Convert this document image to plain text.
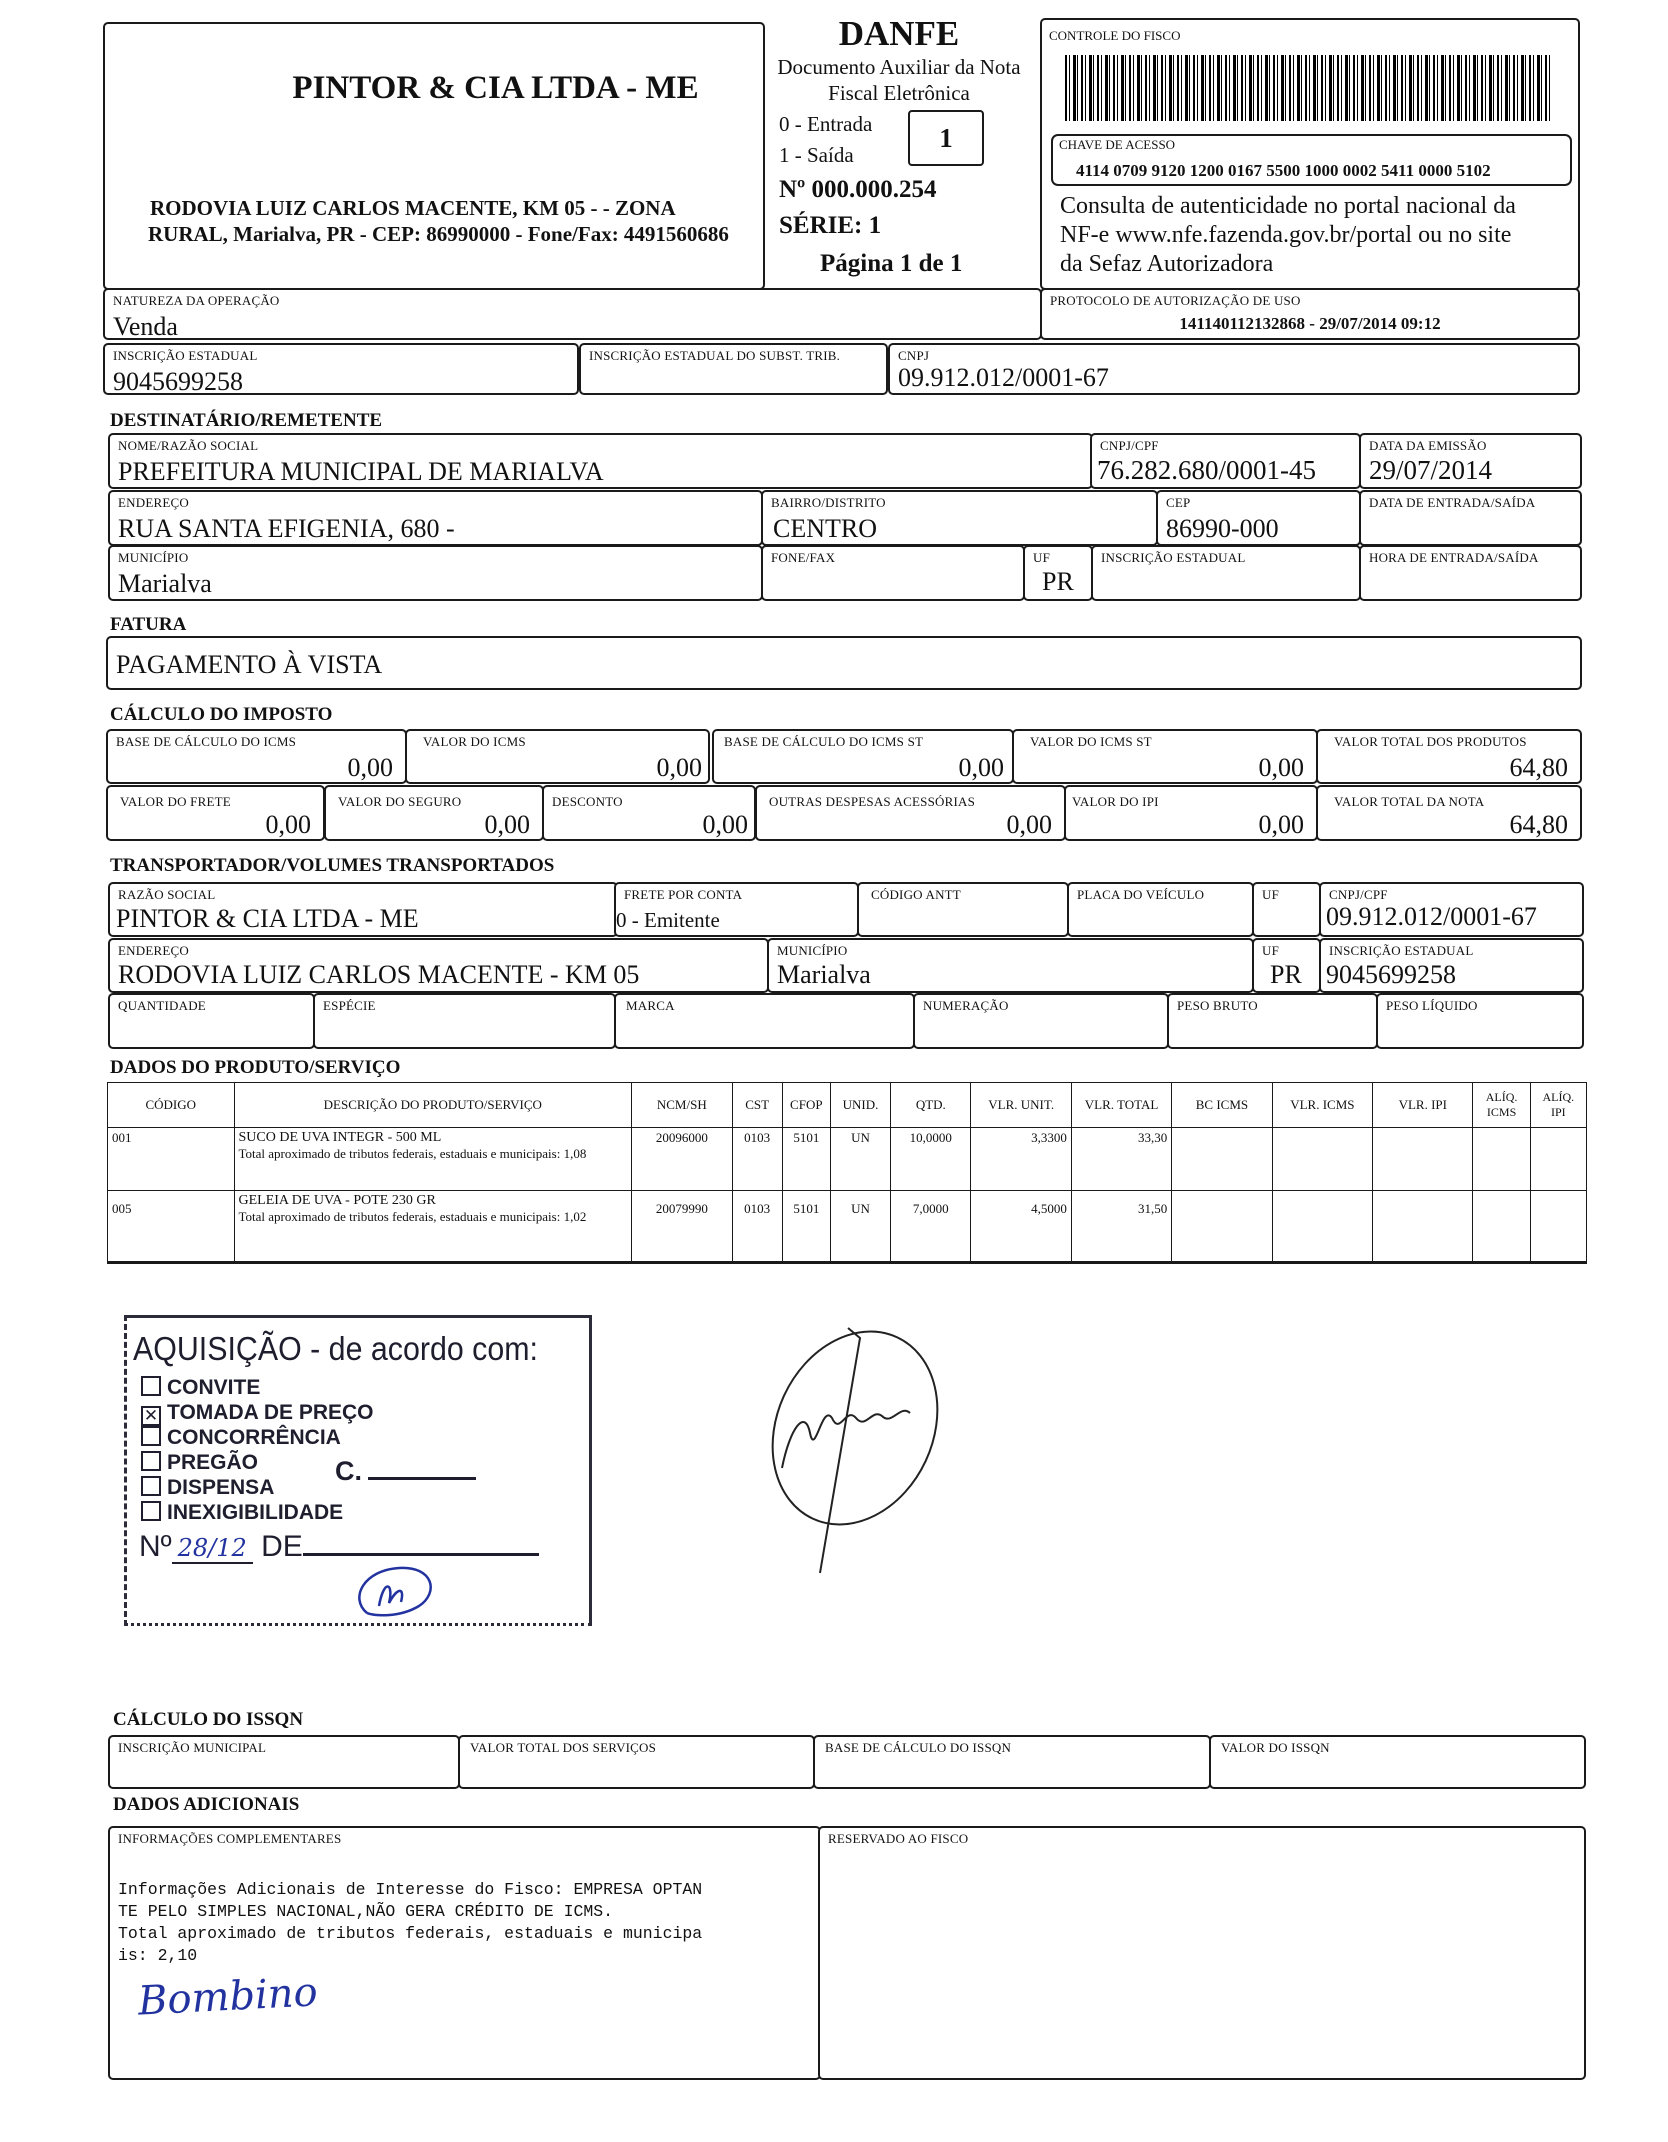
PINTOR & CIA LTDA - ME
RODOVIA LUIZ CARLOS MACENTE, KM 05 - - ZONA
RURAL, Marialva, PR - CEP: 86990000 - Fone/Fax: 4491560686
DANFE
Documento Auxiliar da Nota
Fiscal Eletrônica
0 - Entrada
1 - Saída
1
Nº 000.000.254
SÉRIE: 1
Página 1 de 1
CONTROLE DO FISCO
CHAVE DE ACESSO
4114 0709 9120 1200 0167 5500 1000 0002 5411 0000 5102
Consulta de autenticidade no portal nacional da
NF-e www.nfe.fazenda.gov.br/portal ou no site
da Sefaz Autorizadora
NATUREZA DA OPERAÇÃO
Venda
PROTOCOLO DE AUTORIZAÇÃO DE USO
141140112132868 - 29/07/2014 09:12
INSCRIÇÃO ESTADUAL
9045699258
INSCRIÇÃO ESTADUAL DO SUBST. TRIB.	CNPJ
09.912.012/0001-67
DESTINATÁRIO/REMETENTE
NOME/RAZÃO SOCIAL
PREFEITURA MUNICIPAL DE MARIALVA
CNPJ/CPF
76.282.680/0001-45
DATA DA EMISSÃO
29/07/2014
ENDEREÇO
RUA SANTA EFIGENIA, 680 -
BAIRRO/DISTRITO
CENTRO
CEP
86990-000
DATA DE ENTRADA/SAÍDA
MUNICÍPIO
Marialva
FONE/FAX	UF
PR
INSCRIÇÃO ESTADUAL	HORA DE ENTRADA/SAÍDA
FATURA
PAGAMENTO À VISTA
CÁLCULO DO IMPOSTO
BASE DE CÁLCULO DO ICMS
0,00
VALOR DO ICMS
0,00
BASE DE CÁLCULO DO ICMS ST
0,00
VALOR DO ICMS ST
0,00
VALOR TOTAL DOS PRODUTOS
64,80
VALOR DO FRETE
0,00
VALOR DO SEGURO
0,00
DESCONTO
0,00
OUTRAS DESPESAS ACESSÓRIAS
0,00
VALOR DO IPI
0,00
VALOR TOTAL DA NOTA
64,80
TRANSPORTADOR/VOLUMES TRANSPORTADOS
RAZÃO SOCIAL
PINTOR & CIA LTDA - ME
FRETE POR CONTA
0 - Emitente
CÓDIGO ANTT	PLACA DO VEÍCULO	UF	CNPJ/CPF
09.912.012/0001-67
ENDEREÇO
RODOVIA LUIZ CARLOS MACENTE - KM 05
MUNICÍPIO
Marialva
UF
PR
INSCRIÇÃO ESTADUAL
9045699258
QUANTIDADE	ESPÉCIE	MARCA	NUMERAÇÃO	PESO BRUTO	PESO LÍQUIDO
DADOS DO PRODUTO/SERVIÇO
CÓDIGO	DESCRIÇÃO DO PRODUTO/SERVIÇO	NCM/SH	CST	CFOP	UNID.	QTD.	VLR. UNIT.	VLR. TOTAL	BC ICMS	VLR. ICMS	VLR. IPI	ALÍQ. ICMS	ALÍQ. IPI
001	SUCO DE UVA INTEGR - 500 ML
Total aproximado de tributos federais, estaduais e municipais: 1,08	20096000	0103	5101	UN	10,0000	3,3300	33,30					
005	GELEIA DE UVA - POTE 230 GR
Total aproximado de tributos federais, estaduais e municipais: 1,02	20079990	0103	5101	UN	7,0000	4,5000	31,50					
AQUISIÇÃO - de acordo com:
CONVITE
✕ TOMADA DE PREÇO
CONCORRÊNCIA
PREGÃO
DISPENSA
C.
INEXIGIBILIDADE
Nº 28/12 DE
CÁLCULO DO ISSQN
INSCRIÇÃO MUNICIPAL	VALOR TOTAL DOS SERVIÇOS	BASE DE CÁLCULO DO ISSQN	VALOR DO ISSQN
DADOS ADICIONAIS
INFORMAÇÕES COMPLEMENTARES
Informações Adicionais de Interesse do Fisco: EMPRESA OPTAN
TE PELO SIMPLES NACIONAL,NÃO GERA CRÉDITO DE ICMS.
Total aproximado de tributos federais, estaduais e municipa
is: 2,10
Bombino
RESERVADO AO FISCO
